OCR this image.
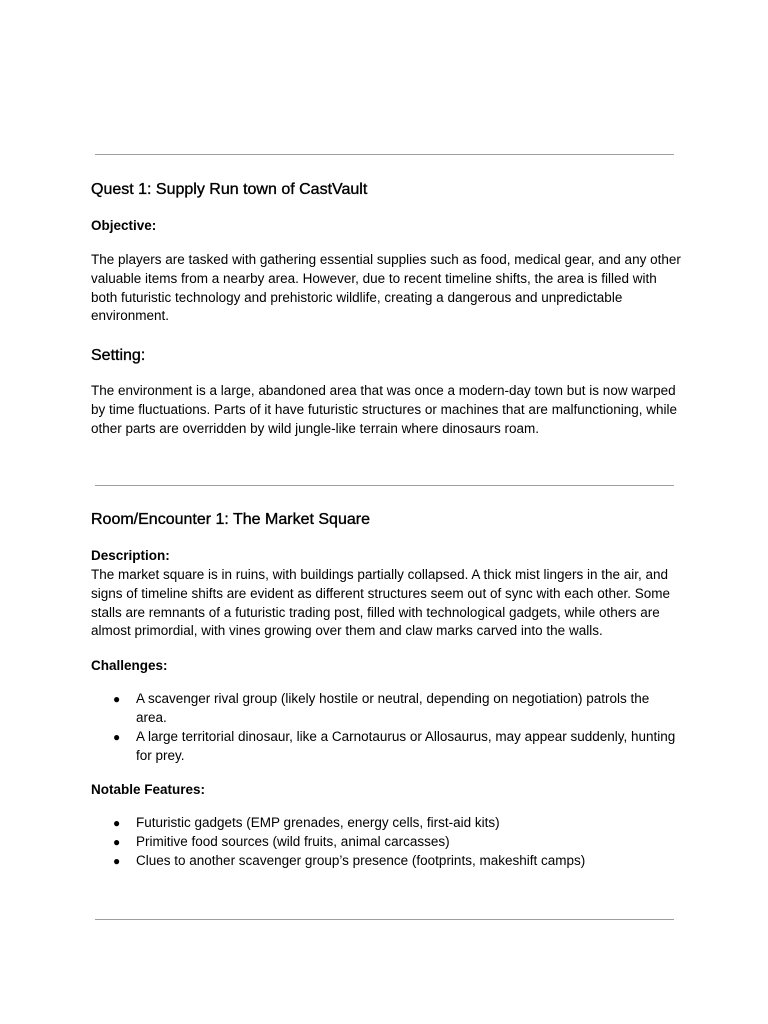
Quest 1: Supply Run town of CastVault
Objective:

The players are tasked with gathering essential supplies such as food, medical gear, and any other valuable items from a nearby area. However, due to recent timeline shifts, the area is filled with both futuristic technology and prehistoric wildlife, creating a dangerous and unpredictable environment.

Setting:

The environment is a large, abandoned area that was once a modern-day town but is now warped by time fluctuations. Parts of it have futuristic structures or machines that are malfunctioning, while other parts are overridden by wild jungle-like terrain where dinosaurs roam.

Room/Encounter 1: The Market Square
Description:

The market square is in ruins, with buildings partially collapsed. A thick mist lingers in the air, and signs of timeline shifts are evident as different structures seem out of sync with each other. Some stalls are remnants of a futuristic trading post, filled with technological gadgets, while others are almost primordial, with vines growing over them and claw marks carved into the walls.

Challenges:
● A scavenger rival group (likely hostile or neutral, depending on negotiation) patrols the area.
● A large territorial dinosaur, like a Carnotaurus or Allosaurus, may appear suddenly, hunting for prey.
Notable Features:
● Futuristic gadgets (EMP grenades, energy cells, first-aid kits)
● Primitive food sources (wild fruits, animal carcasses)
● Clues to another scavenger group’s presence (footprints, makeshift camps)
